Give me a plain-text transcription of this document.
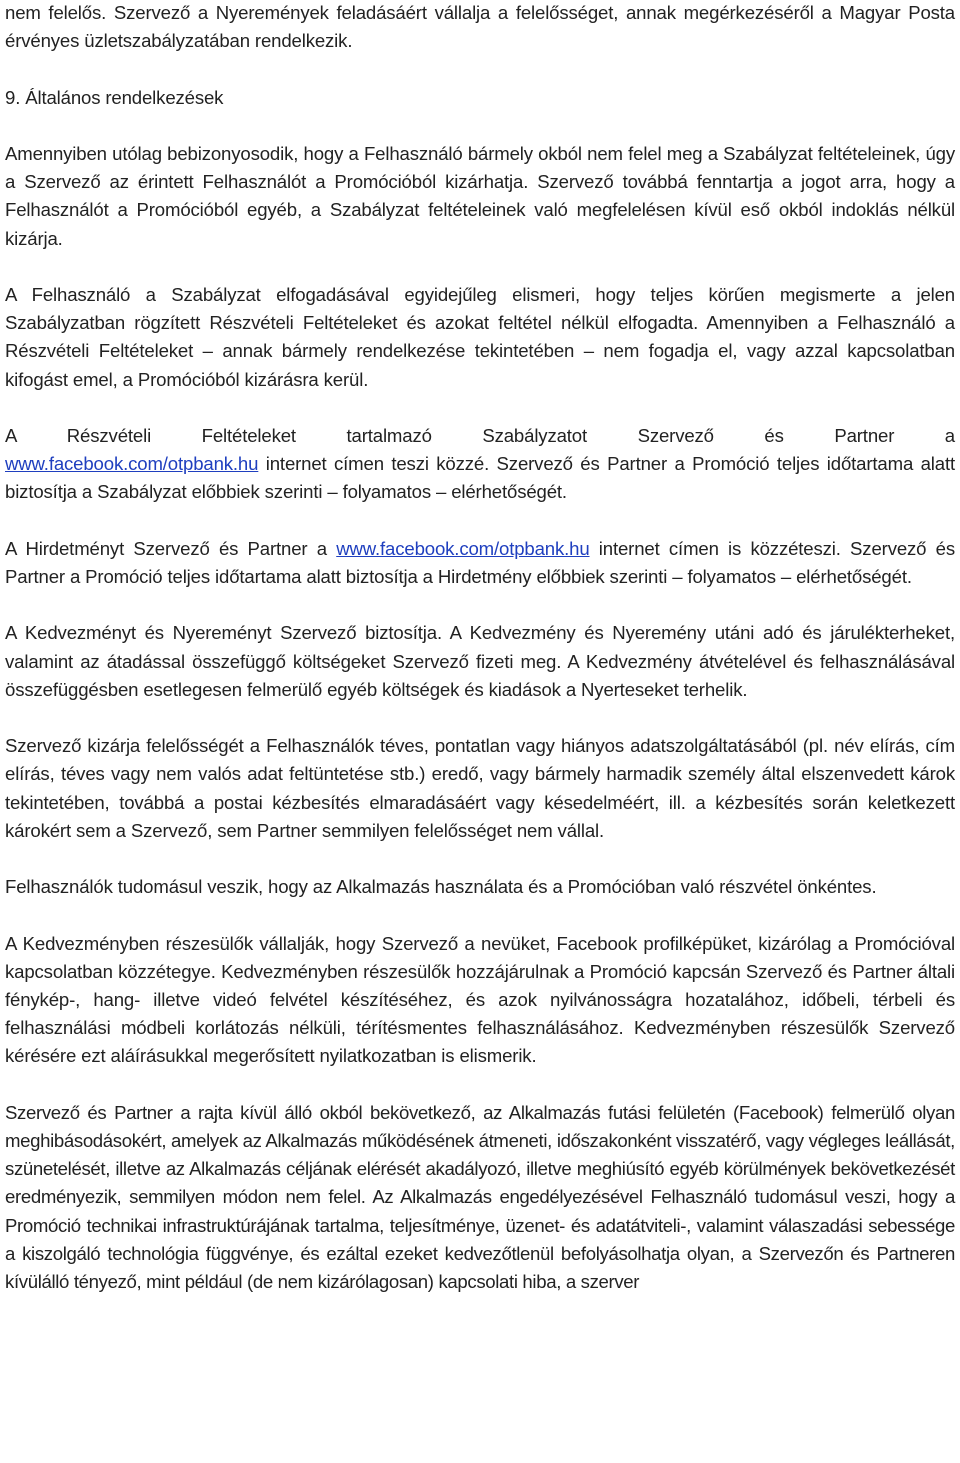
nem felelős. Szervező a Nyeremények feladásáért vállalja a felelősséget, annak megérkezéséről a Magyar Posta érvényes üzletszabályzatában rendelkezik.

9. Általános rendelkezések

Amennyiben utólag bebizonyosodik, hogy a Felhasználó bármely okból nem felel meg a Szabályzat feltételeinek, úgy a Szervező az érintett Felhasználót a Promócióból kizárhatja. Szervező továbbá fenntartja a jogot arra, hogy a Felhasználót a Promócióból egyéb, a Szabályzat feltételeinek való megfelelésen kívül eső okból indoklás nélkül kizárja.

A Felhasználó a Szabályzat elfogadásával egyidejűleg elismeri, hogy teljes körűen megismerte a jelen Szabályzatban rögzített Részvételi Feltételeket és azokat feltétel nélkül elfogadta. Amennyiben a Felhasználó a Részvételi Feltételeket – annak bármely rendelkezése tekintetében – nem fogadja el, vagy azzal kapcsolatban kifogást emel, a Promócióból kizárásra kerül.

A Részvételi Feltételeket tartalmazó Szabályzatot Szervező és Partner a
www.facebook.com/otpbank.hu internet címen teszi közzé. Szervező és Partner a Promóció teljes időtartama alatt biztosítja a Szabályzat előbbiek szerinti – folyamatos – elérhetőségét.

A Hirdetményt Szervező és Partner a www.facebook.com/otpbank.hu internet címen is közzéteszi. Szervező és Partner a Promóció teljes időtartama alatt biztosítja a Hirdetmény előbbiek szerinti – folyamatos – elérhetőségét.

A Kedvezményt és Nyereményt Szervező biztosítja. A Kedvezmény és Nyeremény utáni adó és járulékterheket, valamint az átadással összefüggő költségeket Szervező fizeti meg. A Kedvezmény átvételével és felhasználásával összefüggésben esetlegesen felmerülő egyéb költségek és kiadások a Nyerteseket terhelik.

Szervező kizárja felelősségét a Felhasználók téves, pontatlan vagy hiányos adatszolgáltatásából (pl. név elírás, cím elírás, téves vagy nem valós adat feltüntetése stb.) eredő, vagy bármely harmadik személy által elszenvedett károk tekintetében, továbbá a postai kézbesítés elmaradásáért vagy késedelméért, ill. a kézbesítés során keletkezett károkért sem a Szervező, sem Partner semmilyen felelősséget nem vállal.

Felhasználók tudomásul veszik, hogy az Alkalmazás használata és a Promócióban való részvétel önkéntes.

A Kedvezményben részesülők vállalják, hogy Szervező a nevüket, Facebook profilképüket, kizárólag a Promócióval kapcsolatban közzétegye. Kedvezményben részesülők hozzájárulnak a Promóció kapcsán Szervező és Partner általi fénykép-, hang- illetve videó felvétel készítéséhez, és azok nyilvánosságra hozatalához, időbeli, térbeli és felhasználási módbeli korlátozás nélküli, térítésmentes felhasználásához. Kedvezményben részesülők Szervező kérésére ezt aláírásukkal megerősített nyilatkozatban is elismerik.

Szervező és Partner a rajta kívül álló okból bekövetkező, az Alkalmazás futási felületén (Facebook) felmerülő olyan meghibásodásokért, amelyek az Alkalmazás működésének átmeneti, időszakonként visszatérő, vagy végleges leállását, szünetelését, illetve az Alkalmazás céljának elérését akadályozó, illetve meghiúsító egyéb körülmények bekövetkezését eredményezik, semmilyen módon nem felel. Az Alkalmazás engedélyezésével Felhasználó tudomásul veszi, hogy a Promóció technikai infrastruktúrájának tartalma, teljesítménye, üzenet- és adatátviteli-, valamint válaszadási sebessége a kiszolgáló technológia függvénye, és ezáltal ezeket kedvezőtlenül befolyásolhatja olyan, a Szervezőn és Partneren kívülálló tényező, mint például (de nem kizárólagosan) kapcsolati hiba, a szerver
